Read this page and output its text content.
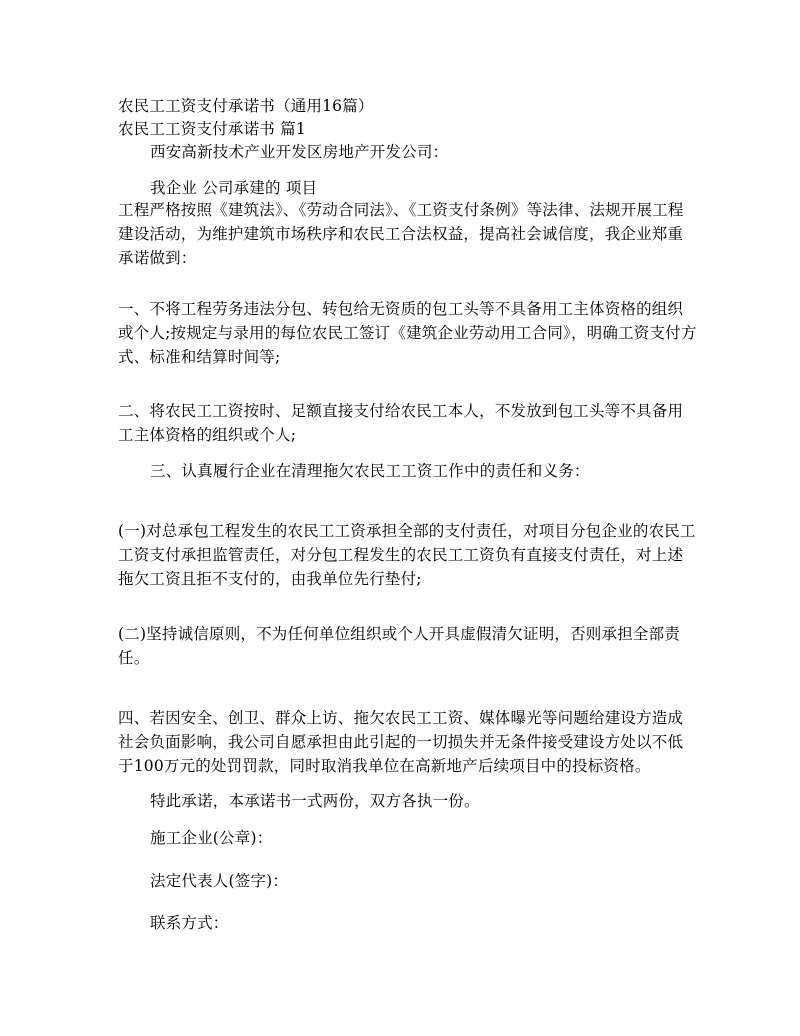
农民工工资支付承诺书（通用16篇）
农民工工资支付承诺书 篇1
西安高新技术产业开发区房地产开发公司：
我企业 公司承建的 项目
工程严格按照《建筑法》、《劳动合同法》、《工资支付条例》等法律、法规开展工程建设活动，为维护建筑市场秩序和农民工合法权益，提高社会诚信度，我企业郑重承诺做到：
一、不将工程劳务违法分包、转包给无资质的包工头等不具备用工主体资格的组织或个人;按规定与录用的每位农民工签订《建筑企业劳动用工合同》，明确工资支付方式、标准和结算时间等;
二、将农民工工资按时、足额直接支付给农民工本人，不发放到包工头等不具备用工主体资格的组织或个人;
三、认真履行企业在清理拖欠农民工工资工作中的责任和义务：
(一)对总承包工程发生的农民工工资承担全部的支付责任，对项目分包企业的农民工工资支付承担监管责任，对分包工程发生的农民工工资负有直接支付责任，对上述拖欠工资且拒不支付的，由我单位先行垫付;
(二)坚持诚信原则，不为任何单位组织或个人开具虚假清欠证明，否则承担全部责任。
四、若因安全、创卫、群众上访、拖欠农民工工资、媒体曝光等问题给建设方造成社会负面影响，我公司自愿承担由此引起的一切损失并无条件接受建设方处以不低于100万元的处罚罚款，同时取消我单位在高新地产后续项目中的投标资格。
特此承诺，本承诺书一式两份，双方各执一份。
施工企业(公章)：
法定代表人(签字)：
联系方式：
